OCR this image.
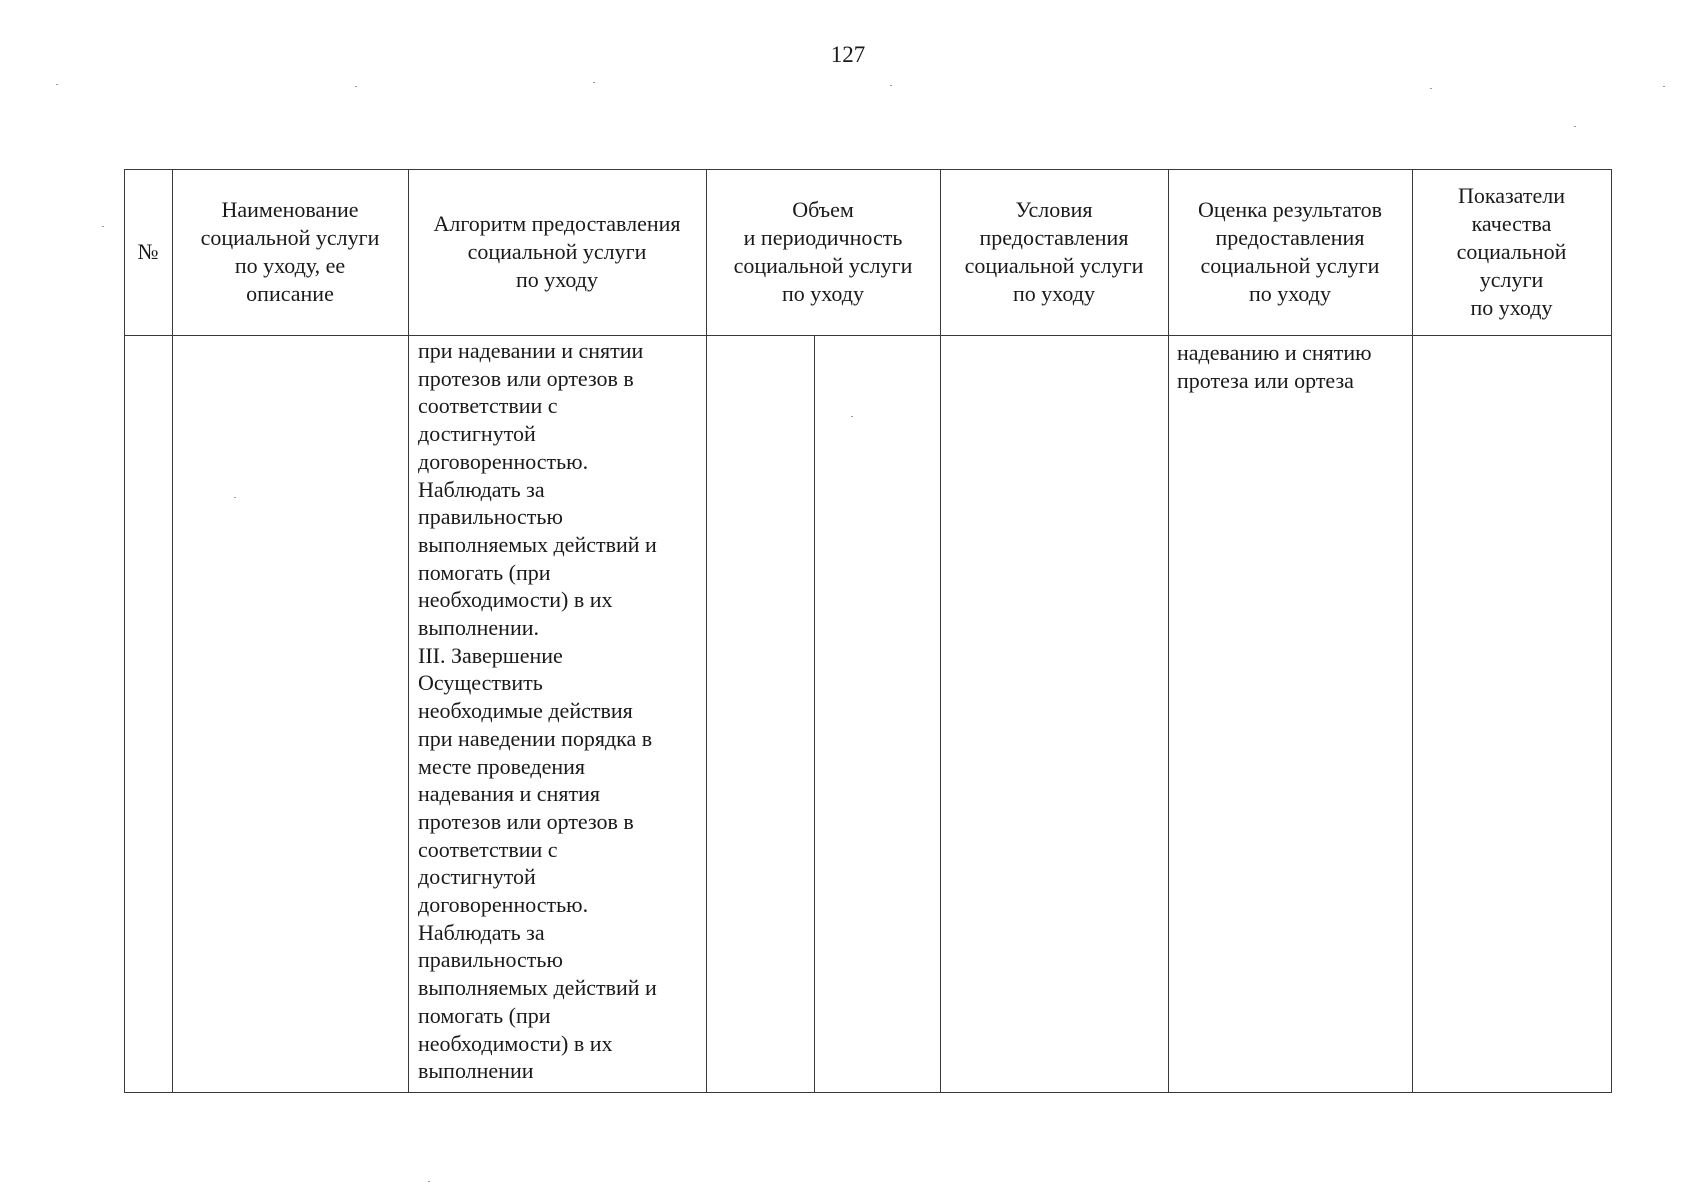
127
№
Наименование
социальной услуги
по уходу, ее
описание
Алгоритм предоставления
социальной услуги
по уходу
Объем
и периодичность
социальной услуги
по уходу
Условия
предоставления
социальной услуги
по уходу
Оценка результатов
предоставления
социальной услуги
по уходу
Показатели
качества
социальной
услуги
по уходу
при надевании и снятии
протезов или ортезов в
соответствии с
достигнутой
договоренностью.
Наблюдать за
правильностью
выполняемых действий и
помогать (при
необходимости) в их
выполнении.
III. Завершение
Осуществить
необходимые действия
при наведении порядка в
месте проведения
надевания и снятия
протезов или ортезов в
соответствии с
достигнутой
договоренностью.
Наблюдать за
правильностью
выполняемых действий и
помогать (при
необходимости) в их
выполнении
надеванию и снятию
протеза или ортеза
